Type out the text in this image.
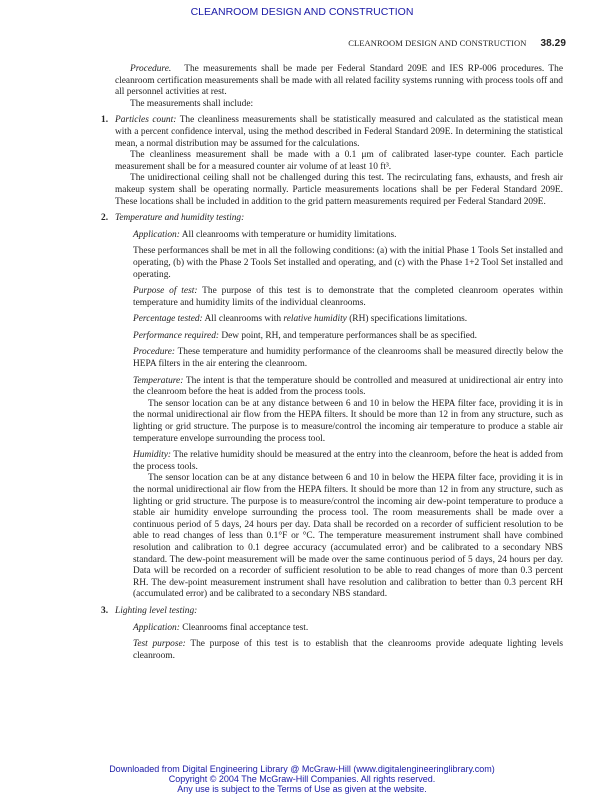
CLEANROOM DESIGN AND CONSTRUCTION
CLEANROOM DESIGN AND CONSTRUCTION 38.29

Procedure. The measurements shall be made per Federal Standard 209E and IES RP-006 procedures. The cleanroom certification measurements shall be made with all related facility systems running with process tools off and all personnel activities at rest.

The measurements shall include:

1. Particles count: The cleanliness measurements shall be statistically measured and calculated as the statistical mean with a percent confidence interval, using the method described in Federal Standard 209E. In determining the statistical mean, a normal distribution may be assumed for the calculations.

The cleanliness measurement shall be made with a 0.1 μm of calibrated laser-type counter. Each particle measurement shall be for a measured counter air volume of at least 10 ft³.

The unidirectional ceiling shall not be challenged during this test. The recirculating fans, exhausts, and fresh air makeup system shall be operating normally. Particle measurements locations shall be per Federal Standard 209E. These locations shall be included in addition to the grid pattern measurements required per Federal Standard 209E.

2. Temperature and humidity testing:

Application: All cleanrooms with temperature or humidity limitations.

These performances shall be met in all the following conditions: (a) with the initial Phase 1 Tools Set installed and operating, (b) with the Phase 2 Tools Set installed and operating, and (c) with the Phase 1+2 Tool Set installed and operating.

Purpose of test: The purpose of this test is to demonstrate that the completed cleanroom operates within temperature and humidity limits of the individual cleanrooms.

Percentage tested: All cleanrooms with relative humidity (RH) specifications limitations.

Performance required: Dew point, RH, and temperature performances shall be as specified.

Procedure: These temperature and humidity performance of the cleanrooms shall be measured directly below the HEPA filters in the air entering the cleanroom.

Temperature: The intent is that the temperature should be controlled and measured at unidirectional air entry into the cleanroom before the heat is added from the process tools.

The sensor location can be at any distance between 6 and 10 in below the HEPA filter face, providing it is in the normal unidirectional air flow from the HEPA filters. It should be more than 12 in from any structure, such as lighting or grid structure. The purpose is to measure/control the incoming air temperature to produce a stable air temperature envelope surrounding the process tool.

Humidity: The relative humidity should be measured at the entry into the cleanroom, before the heat is added from the process tools.

The sensor location can be at any distance between 6 and 10 in below the HEPA filter face, providing it is in the normal unidirectional air flow from the HEPA filters. It should be more than 12 in from any structure, such as lighting or grid structure. The purpose is to measure/control the incoming air dew-point temperature to produce a stable air humidity envelope surrounding the process tool. The room measurements shall be made over a continuous period of 5 days, 24 hours per day. Data shall be recorded on a recorder of sufficient resolution to be able to read changes of less than 0.1°F or °C. The temperature measurement instrument shall have combined resolution and calibration to 0.1 degree accuracy (accumulated error) and be calibrated to a secondary NBS standard. The dew-point measurement will be made over the same continuous period of 5 days, 24 hours per day. Data will be recorded on a recorder of sufficient resolution to be able to read changes of more than 0.3 percent RH. The dew-point measurement instrument shall have resolution and calibration to better than 0.3 percent RH (accumulated error) and be calibrated to a secondary NBS standard.

3. Lighting level testing:

Application: Cleanrooms final acceptance test.

Test purpose: The purpose of this test is to establish that the cleanrooms provide adequate lighting levels cleanroom.

Downloaded from Digital Engineering Library @ McGraw-Hill (www.digitalengineeringlibrary.com)
Copyright © 2004 The McGraw-Hill Companies. All rights reserved.
Any use is subject to the Terms of Use as given at the website.
